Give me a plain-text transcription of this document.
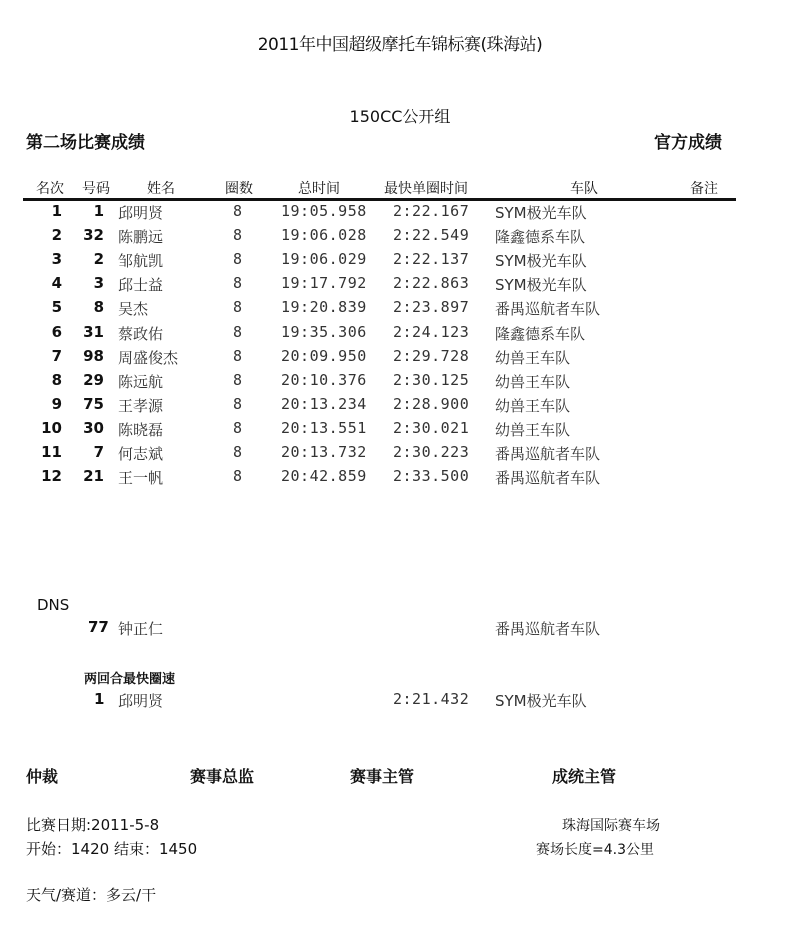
2011年中国超级摩托车锦标赛(珠海站)
150CC公开组
第二场比赛成绩	官方成绩
名次 号码	姓名	圈数	总时间	最快单圈时间	车队	备注
1 1 邱明贤	8	19:05.958 2:22.167 SYM极光车队
2 32 陈鹏远	8	19:06.028 2:22.549 隆鑫德系车队
3 2 邹航凯	8	19:06.029 2:22.137 SYM极光车队
4 3 邱士益	8	19:17.792 2:22.863 SYM极光车队
5 8 吴杰	8	19:20.839 2:23.897 番禺巡航者车队
6 31 蔡政佑	8	19:35.306 2:24.123 隆鑫德系车队
7 98 周盛俊杰	8	20:09.950 2:29.728 幼兽王车队
8 29 陈远航	8	20:10.376 2:30.125 幼兽王车队
9 75 王孝源	8	20:13.234 2:28.900 幼兽王车队
10 30 陈晓磊	8	20:13.551 2:30.021 幼兽王车队
11 7 何志斌	8	20:13.732 2:30.223 番禺巡航者车队
12 21 王一帆	8	20:42.859 2:33.500 番禺巡航者车队
DNS
77 钟正仁	番禺巡航者车队
两回合最快圈速
1 邱明贤	2:21.432 SYM极光车队
仲裁	赛事总监	赛事主管	成统主管
比赛日期:2011-5-8
开始：1420 结束：1450
天气/赛道：多云/干
珠海国际赛车场
赛场长度=4.3公里
